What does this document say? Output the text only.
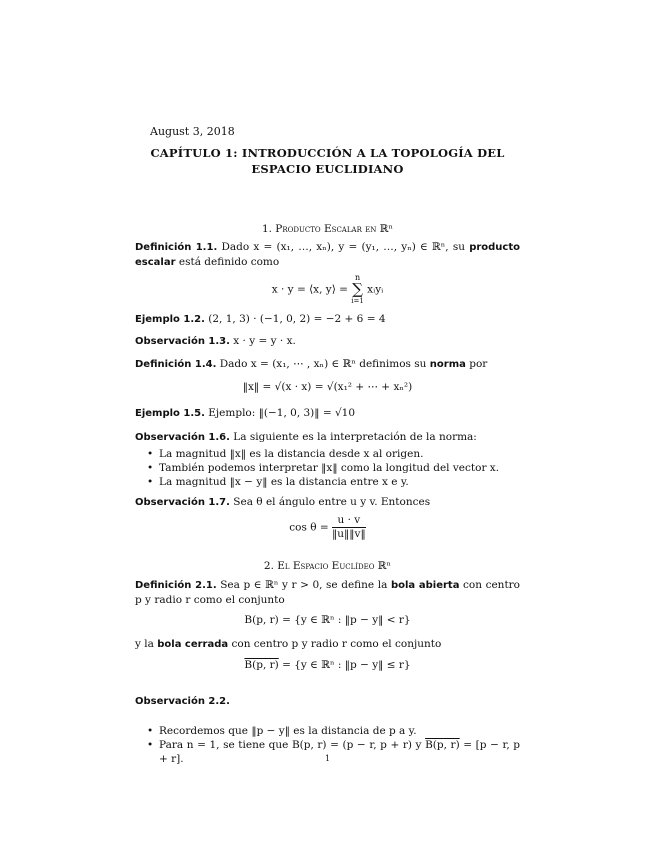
August 3, 2018
CAPÍTULO 1: INTRODUCCIÓN A LA TOPOLOGÍA DEL
ESPACIO EUCLIDIANO
1. Producto Escalar en ℝⁿ
Definición 1.1. Dado x = (x₁, …, xₙ), y = (y₁, …, yₙ) ∈ ℝⁿ, su producto escalar está definido como
x · y = ⟨x, y⟩ =
n
∑
i=1
xᵢyᵢ
Ejemplo 1.2. (2, 1, 3) · (−1, 0, 2) = −2 + 6 = 4
Observación 1.3. x · y = y · x.
Definición 1.4. Dado x = (x₁, ⋯ , xₙ) ∈ ℝⁿ definimos su norma por
‖x‖ = √(x · x) = √(x₁² + ⋯ + xₙ²)
Ejemplo 1.5. Ejemplo: ‖(−1, 0, 3)‖ = √10
Observación 1.6. La siguiente es la interpretación de la norma:
• La magnitud ‖x‖ es la distancia desde x al origen.
• También podemos interpretar ‖x‖ como la longitud del vector x.
• La magnitud ‖x − y‖ es la distancia entre x e y.
Observación 1.7. Sea θ el ángulo entre u y v. Entonces
$\cos \theta = \frac{u \cdot v}{‖u‖‖v‖}$
2. El Espacio Euclídeo ℝⁿ
Definición 2.1. Sea p ∈ ℝⁿ y r > 0, se define la bola abierta con centro p y radio r como el conjunto
B(p, r) = {y ∈ ℝⁿ : ‖p − y‖ < r}
y la bola cerrada con centro p y radio r como el conjunto
B(p, r) = {y ∈ ℝⁿ : ‖p − y‖ ≤ r}
Observación 2.2.
• Recordemos que ‖p − y‖ es la distancia de p a y.
• Para n = 1, se tiene que B(p, r) = (p − r, p + r) y B(p, r) = [p − r, p + r].	1
